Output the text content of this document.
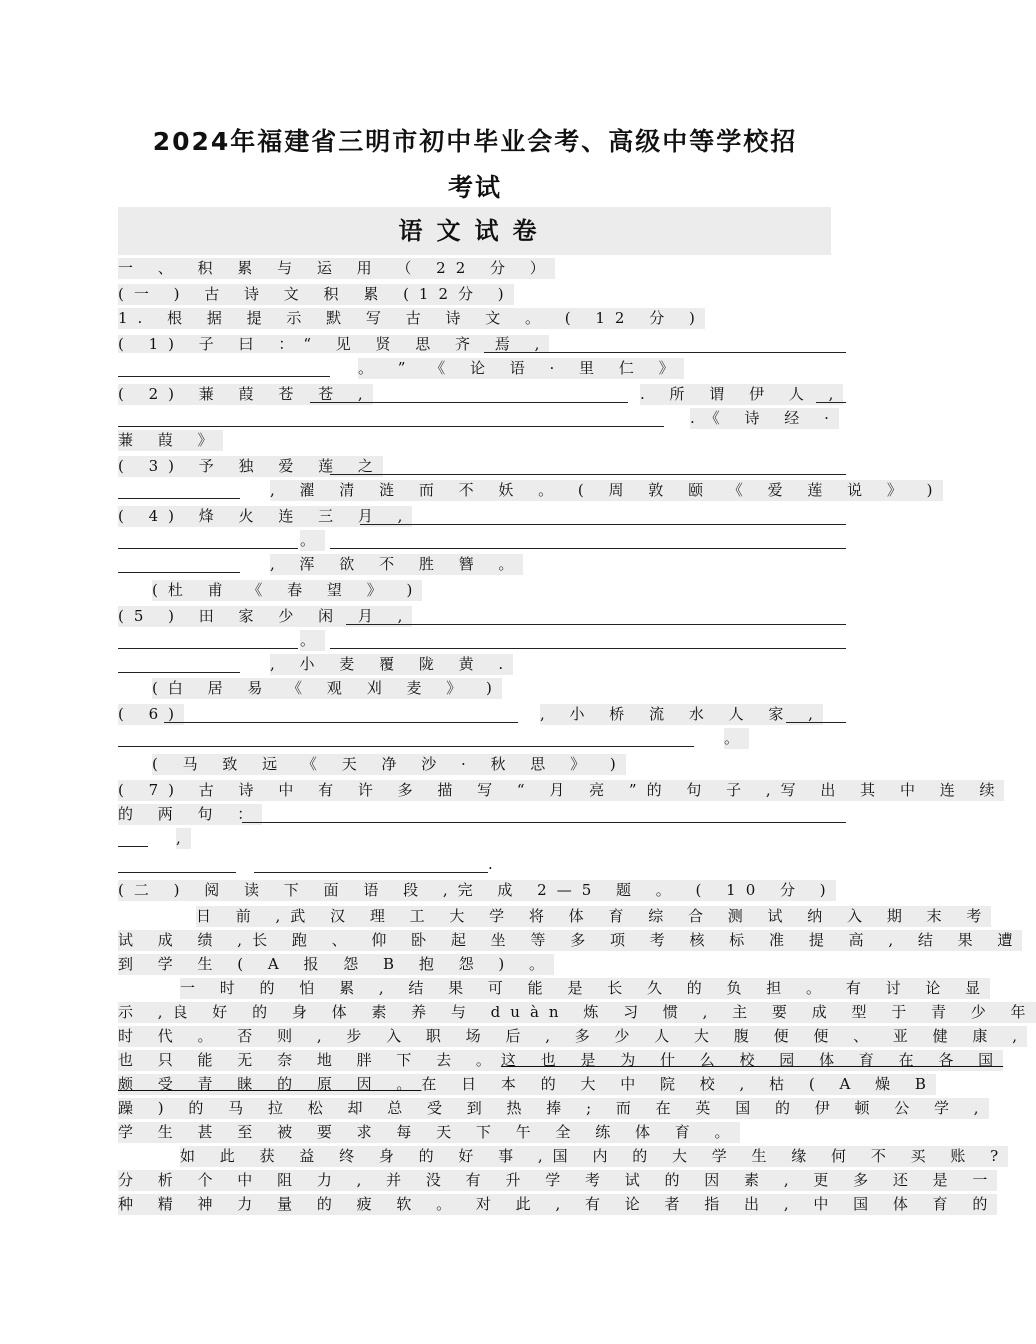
2024年福建省三明市初中毕业会考、高级中等学校招
考试
语文试卷
一 、 积 累 与 运 用 （ 22 分 ）
(一 ) 古 诗 文 积 累 (12分 )
1. 根 据 提 示 默 写 古 诗 文 。 ( 12 分 )
( 1) 子 曰 ：“ 见 贤 思 齐 焉 ,
。 ” 《 论 语 · 里 仁 》
( 2) 蒹 葭 苍 苍 ,	. 所 谓 伊 人 ,
.《 诗 经 ·
蒹 葭 》
( 3) 予 独 爱 莲 之
, 濯 清 涟 而 不 妖 。 ( 周 敦 颐 《 爱 莲 说 》 )
( 4) 烽 火 连 三 月 ,
。
, 浑 欲 不 胜 簪 。
(杜 甫 《 春 望 》 )
(5 ) 田 家 少 闲 月 ,
。
, 小 麦 覆 陇 黄 .
(白 居 易 《 观 刈 麦 》 )
( 6)	, 小 桥 流 水 人 家 ,
。
( 马 致 远 《 天 净 沙 · 秋 思 》 )
( 7) 古 诗 中 有 许 多 描 写 “ 月 亮 ”的 句 子 ,写 出 其 中 连 续
的 两 句 ：
,
.
(二 ) 阅 读 下 面 语 段 ,完 成 2—5 题 。 ( 10 分 )
日 前 ,武 汉 理 工 大 学 将 体 育 综 合 测 试 纳 入 期 末 考
试 成 绩 ,长 跑 、 仰 卧 起 坐 等 多 项 考 核 标 准 提 高 , 结 果 遭
到 学 生 ( A 报 怨 B 抱 怨 ) 。
一 时 的 怕 累 , 结 果 可 能 是 长 久 的 负 担 。 有 讨 论 显
示 ,良 好 的 身 体 素 养 与 duàn 炼 习 惯 , 主 要 成 型 于 青 少 年
时 代 。 否 则 , 步 入 职 场 后 , 多 少 人 大 腹 便 便 、 亚 健 康 ,
也 只 能 无 奈 地 胖 下 去 。这 也 是 为 什 么 校 园 体 育 在 各 国
颇 受 青 睐 的 原 因 。在 日 本 的 大 中 院 校 , 枯 ( A 燥 B
躁 ) 的 马 拉 松 却 总 受 到 热 捧 ; 而 在 英 国 的 伊 顿 公 学 ,
学 生 甚 至 被 要 求 每 天 下 午 全 练 体 育 。
如 此 获 益 终 身 的 好 事 ,国 内 的 大 学 生 缘 何 不 买 账 ?
分 析 个 中 阻 力 , 并 没 有 升 学 考 试 的 因 素 , 更 多 还 是 一
种 精 神 力 量 的 疲 软 。 对 此 , 有 论 者 指 出 , 中 国 体 育 的
